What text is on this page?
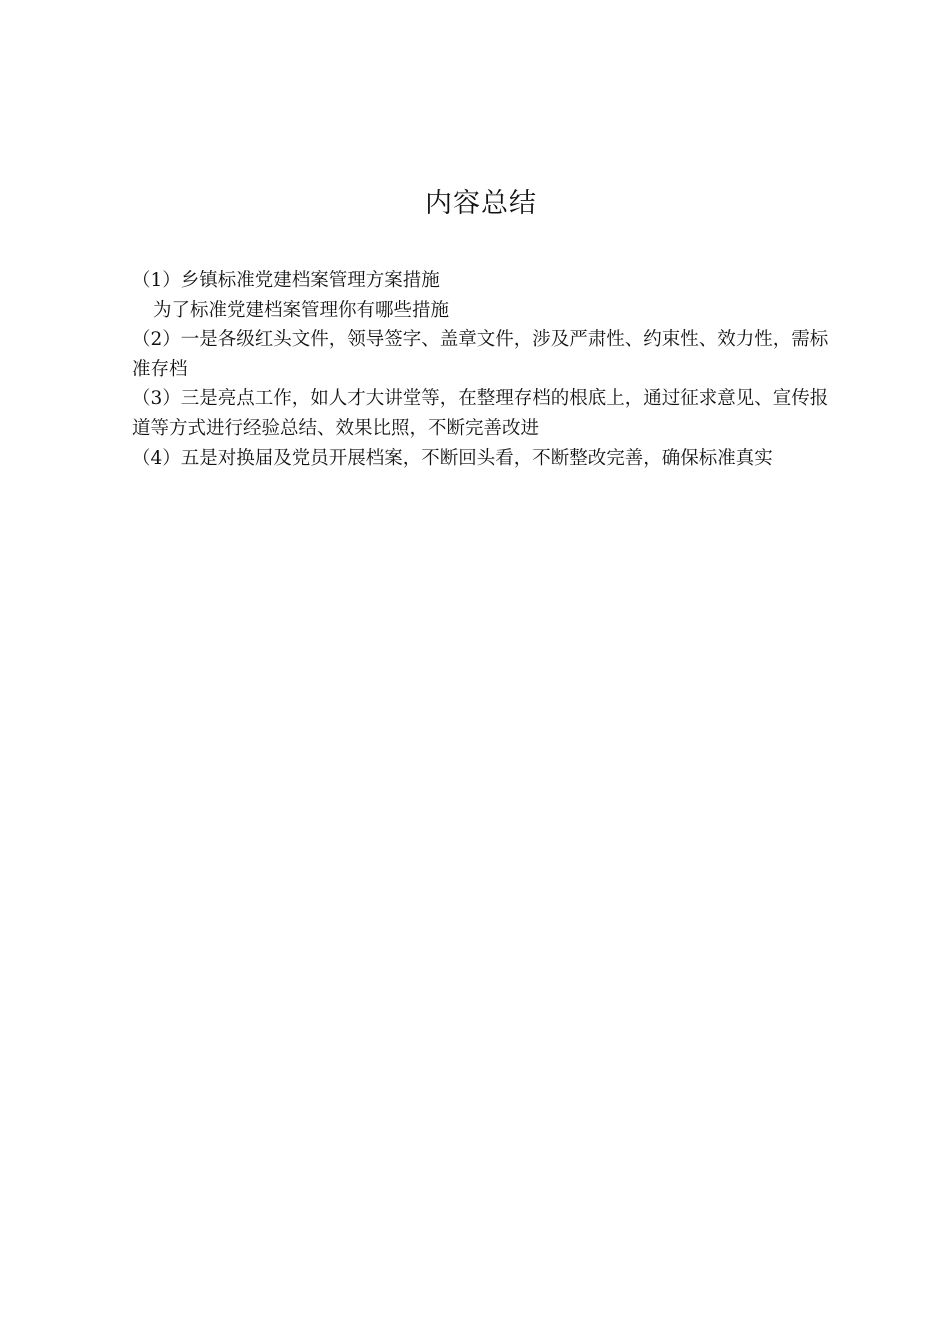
内容总结

（1）乡镇标准党建档案管理方案措施

为了标准党建档案管理你有哪些措施

（2）一是各级红头文件，领导签字、盖章文件，涉及严肃性、约束性、效力性，需标准存档

（3）三是亮点工作，如人才大讲堂等，在整理存档的根底上，通过征求意见、宣传报道等方式进行经验总结、效果比照，不断完善改进

（4）五是对换届及党员开展档案，不断回头看，不断整改完善，确保标准真实
